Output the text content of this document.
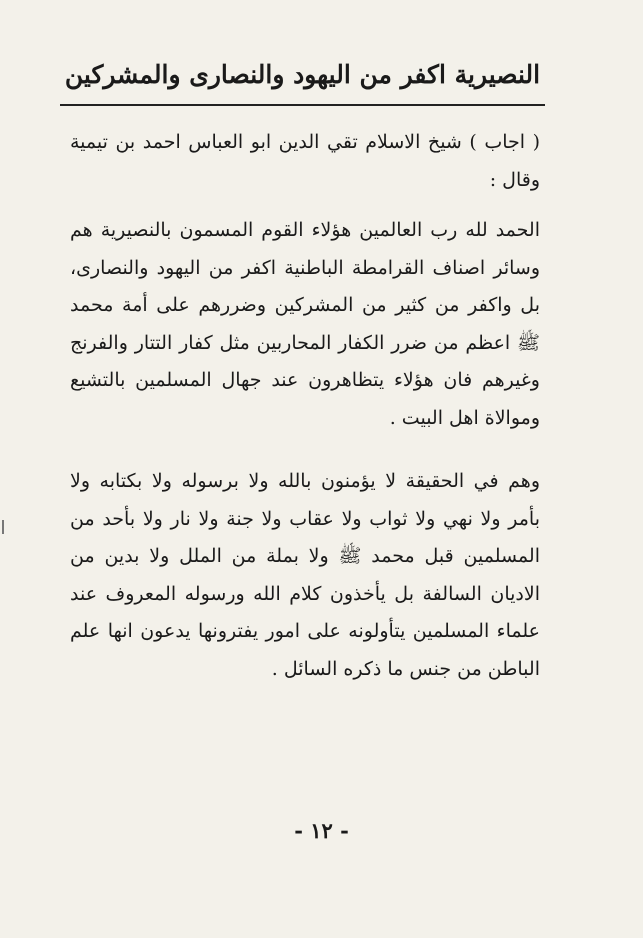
النصيرية اكفر من اليهود والنصارى والمشركين

( اجاب ) شيخ الاسلام تقي الدين ابو العباس احمد بن تيمية وقال :

الحمد لله رب العالمين هؤلاء القوم المسمون بالنصيرية هم وسائر اصناف القرامطة الباطنية اكفر من اليهود والنصارى، بل واكفر من كثير من المشركين وضررهم على أمة محمد ﷺ اعظم من ضرر الكفار المحاربين مثل كفار التتار والفرنج وغيرهم فان هؤلاء يتظاهرون عند جهال المسلمين بالتشيع وموالاة اهل البيت .

وهم في الحقيقة لا يؤمنون بالله ولا برسوله ولا بكتابه ولا بأمر ولا نهي ولا ثواب ولا عقاب ولا جنة ولا نار ولا بأحد من المسلمين قبل محمد ﷺ ولا بملة من الملل ولا بدين من الاديان السالفة بل يأخذون كلام الله ورسوله المعروف عند علماء المسلمين يتأولونه على امور يفترونها يدعون انها علم الباطن من جنس ما ذكره السائل .

- ١٢ -
